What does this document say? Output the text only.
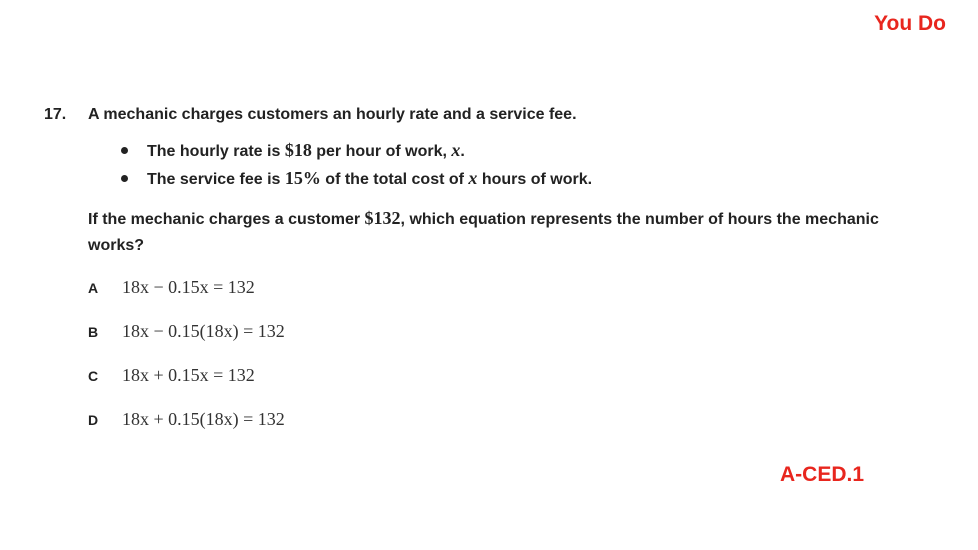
You Do
17.	A mechanic charges customers an hourly rate and a service fee.
The hourly rate is $18 per hour of work, x.
The service fee is 15% of the total cost of x hours of work.
If the mechanic charges a customer $132, which equation represents the number of hours the mechanic works?
A	18x − 0.15x = 132
B	18x − 0.15(18x) = 132
C	18x + 0.15x = 132
D	18x + 0.15(18x) = 132
A-CED.1
